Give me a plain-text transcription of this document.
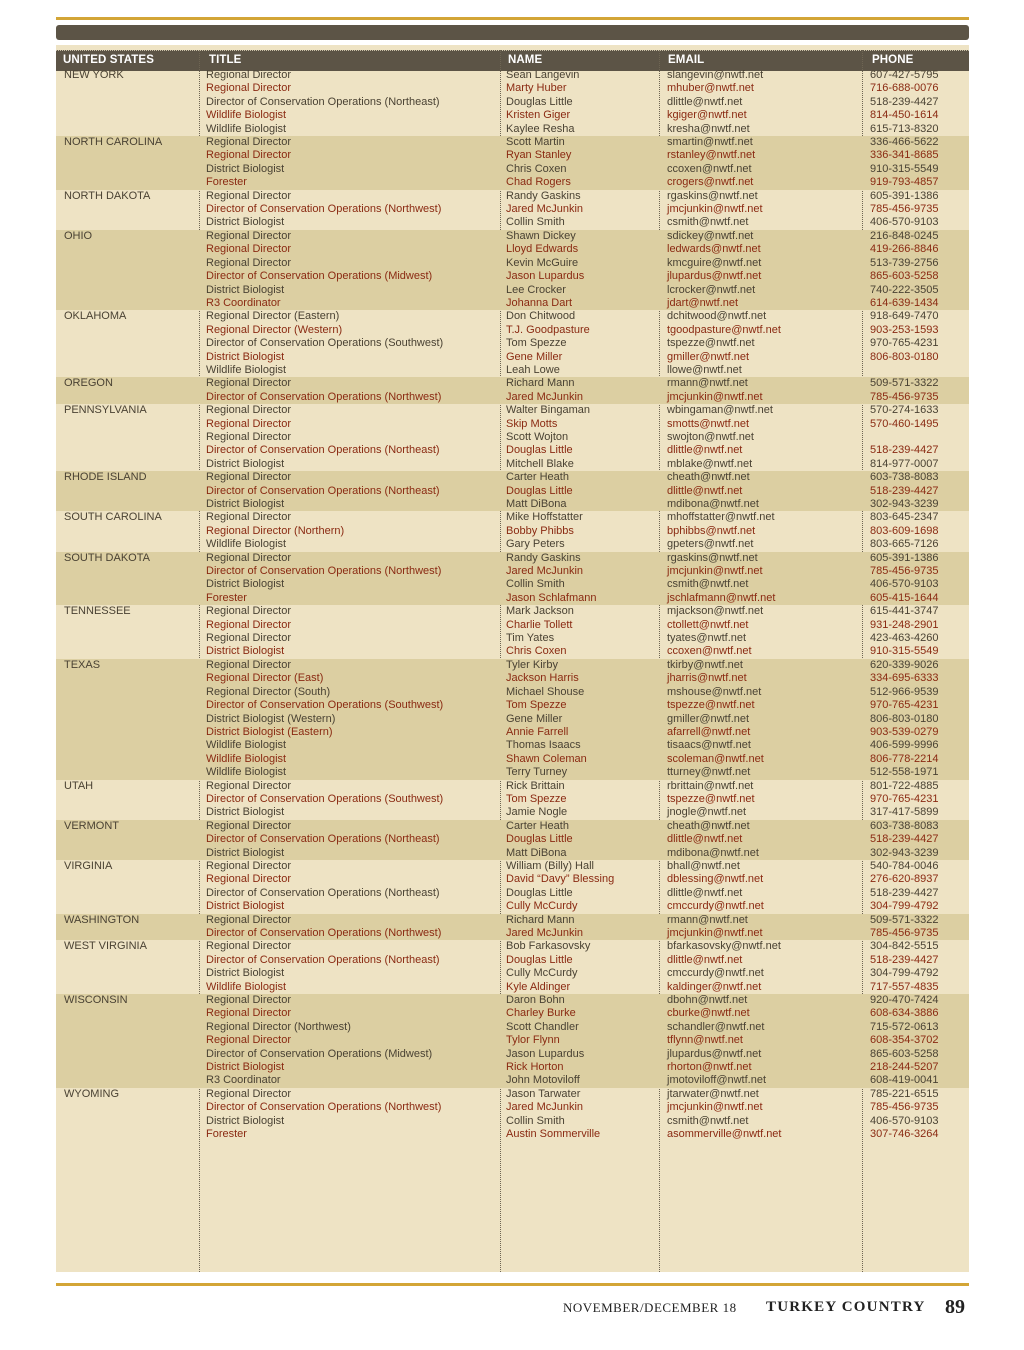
UNITED STATES	TITLE	NAME	EMAIL	PHONE
NEW YORK	Regional Director	Sean Langevin	slangevin@nwtf.net	607-427-5795
Regional Director	Marty Huber	mhuber@nwtf.net	716-688-0076
Director of Conservation Operations (Northeast)	Douglas Little	dlittle@nwtf.net	518-239-4427
Wildlife Biologist	Kristen Giger	kgiger@nwtf.net	814-450-1614
Wildlife Biologist	Kaylee Resha	kresha@nwtf.net	615-713-8320
NORTH CAROLINA	Regional Director	Scott Martin	smartin@nwtf.net	336-466-5622
Regional Director	Ryan Stanley	rstanley@nwtf.net	336-341-8685
District Biologist	Chris Coxen	ccoxen@nwtf.net	910-315-5549
Forester	Chad Rogers	crogers@nwtf.net	919-793-4857
NORTH DAKOTA	Regional Director	Randy Gaskins	rgaskins@nwtf.net	605-391-1386
Director of Conservation Operations (Northwest)	Jared McJunkin	jmcjunkin@nwtf.net	785-456-9735
District Biologist	Collin Smith	csmith@nwtf.net	406-570-9103
OHIO	Regional Director	Shawn Dickey	sdickey@nwtf.net	216-848-0245
Regional Director	Lloyd Edwards	ledwards@nwtf.net	419-266-8846
Regional Director	Kevin McGuire	kmcguire@nwtf.net	513-739-2756
Director of Conservation Operations (Midwest)	Jason Lupardus	jlupardus@nwtf.net	865-603-5258
District Biologist	Lee Crocker	lcrocker@nwtf.net	740-222-3505
R3 Coordinator	Johanna Dart	jdart@nwtf.net	614-639-1434
OKLAHOMA	Regional Director (Eastern)	Don Chitwood	dchitwood@nwtf.net	918-649-7470
Regional Director (Western)	T.J. Goodpasture	tgoodpasture@nwtf.net	903-253-1593
Director of Conservation Operations (Southwest)	Tom Spezze	tspezze@nwtf.net	970-765-4231
District Biologist	Gene Miller	gmiller@nwtf.net	806-803-0180
Wildlife Biologist	Leah Lowe	llowe@nwtf.net
OREGON	Regional Director	Richard Mann	rmann@nwtf.net	509-571-3322
Director of Conservation Operations (Northwest)	Jared McJunkin	jmcjunkin@nwtf.net	785-456-9735
PENNSYLVANIA	Regional Director	Walter Bingaman	wbingaman@nwtf.net	570-274-1633
Regional Director	Skip Motts	smotts@nwtf.net	570-460-1495
Regional Director	Scott Wojton	swojton@nwtf.net
Director of Conservation Operations (Northeast)	Douglas Little	dlittle@nwtf.net	518-239-4427
District Biologist	Mitchell Blake	mblake@nwtf.net	814-977-0007
RHODE ISLAND	Regional Director	Carter Heath	cheath@nwtf.net	603-738-8083
Director of Conservation Operations (Northeast)	Douglas Little	dlittle@nwtf.net	518-239-4427
District Biologist	Matt DiBona	mdibona@nwtf.net	302-943-3239
SOUTH CAROLINA	Regional Director	Mike Hoffstatter	mhoffstatter@nwtf.net	803-645-2347
Regional Director (Northern)	Bobby Phibbs	bphibbs@nwtf.net	803-609-1698
Wildlife Biologist	Gary Peters	gpeters@nwtf.net	803-665-7126
SOUTH DAKOTA	Regional Director	Randy Gaskins	rgaskins@nwtf.net	605-391-1386
Director of Conservation Operations (Northwest)	Jared McJunkin	jmcjunkin@nwtf.net	785-456-9735
District Biologist	Collin Smith	csmith@nwtf.net	406-570-9103
Forester	Jason Schlafmann	jschlafmann@nwtf.net	605-415-1644
TENNESSEE	Regional Director	Mark Jackson	mjackson@nwtf.net	615-441-3747
Regional Director	Charlie Tollett	ctollett@nwtf.net	931-248-2901
Regional Director	Tim Yates	tyates@nwtf.net	423-463-4260
District Biologist	Chris Coxen	ccoxen@nwtf.net	910-315-5549
TEXAS	Regional Director	Tyler Kirby	tkirby@nwtf.net	620-339-9026
Regional Director (East)	Jackson Harris	jharris@nwtf.net	334-695-6333
Regional Director (South)	Michael Shouse	mshouse@nwtf.net	512-966-9539
Director of Conservation Operations (Southwest)	Tom Spezze	tspezze@nwtf.net	970-765-4231
District Biologist (Western)	Gene Miller	gmiller@nwtf.net	806-803-0180
District Biologist (Eastern)	Annie Farrell	afarrell@nwtf.net	903-539-0279
Wildlife Biologist	Thomas Isaacs	tisaacs@nwtf.net	406-599-9996
Wildlife Biologist	Shawn Coleman	scoleman@nwtf.net	806-778-2214
Wildlife Biologist	Terry Turney	tturney@nwtf.net	512-558-1971
UTAH	Regional Director	Rick Brittain	rbrittain@nwtf.net	801-722-4885
Director of Conservation Operations (Southwest)	Tom Spezze	tspezze@nwtf.net	970-765-4231
District Biologist	Jamie Nogle	jnogle@nwtf.net	317-417-5899
VERMONT	Regional Director	Carter Heath	cheath@nwtf.net	603-738-8083
Director of Conservation Operations (Northeast)	Douglas Little	dlittle@nwtf.net	518-239-4427
District Biologist	Matt DiBona	mdibona@nwtf.net	302-943-3239
VIRGINIA	Regional Director	William (Billy) Hall	bhall@nwtf.net	540-784-0046
Regional Director	David “Davy” Blessing	dblessing@nwtf.net	276-620-8937
Director of Conservation Operations (Northeast)	Douglas Little	dlittle@nwtf.net	518-239-4427
District Biologist	Cully McCurdy	cmccurdy@nwtf.net	304-799-4792
WASHINGTON	Regional Director	Richard Mann	rmann@nwtf.net	509-571-3322
Director of Conservation Operations (Northwest)	Jared McJunkin	jmcjunkin@nwtf.net	785-456-9735
WEST VIRGINIA	Regional Director	Bob Farkasovsky	bfarkasovsky@nwtf.net	304-842-5515
Director of Conservation Operations (Northeast)	Douglas Little	dlittle@nwtf.net	518-239-4427
District Biologist	Cully McCurdy	cmccurdy@nwtf.net	304-799-4792
Wildlife Biologist	Kyle Aldinger	kaldinger@nwtf.net	717-557-4835
WISCONSIN	Regional Director	Daron Bohn	dbohn@nwtf.net	920-470-7424
Regional Director	Charley Burke	cburke@nwtf.net	608-634-3886
Regional Director (Northwest)	Scott Chandler	schandler@nwtf.net	715-572-0613
Regional Director	Tylor Flynn	tflynn@nwtf.net	608-354-3702
Director of Conservation Operations (Midwest)	Jason Lupardus	jlupardus@nwtf.net	865-603-5258
District Biologist	Rick Horton	rhorton@nwtf.net	218-244-5207
R3 Coordinator	John Motoviloff	jmotoviloff@nwtf.net	608-419-0041
WYOMING	Regional Director	Jason Tarwater	jtarwater@nwtf.net	785-221-6515
Director of Conservation Operations (Northwest)	Jared McJunkin	jmcjunkin@nwtf.net	785-456-9735
District Biologist	Collin Smith	csmith@nwtf.net	406-570-9103
Forester	Austin Sommerville	asommerville@nwtf.net	307-746-3264
NOVEMBER/DECEMBER 18 TURKEY COUNTRY 89
